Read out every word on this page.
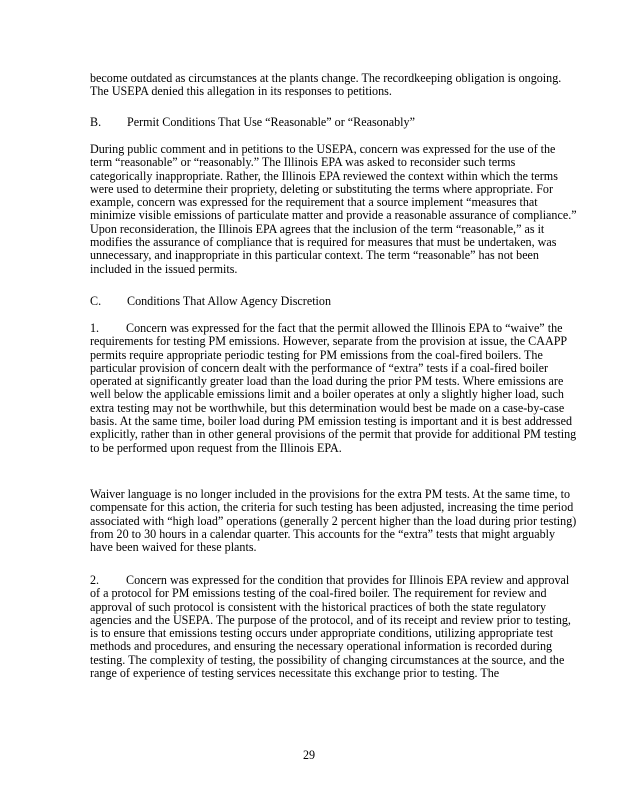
become outdated as circumstances at the plants change. The recordkeeping obligation is ongoing. The USEPA denied this allegation in its responses to petitions.

B. Permit Conditions That Use “Reasonable” or “Reasonably”

During public comment and in petitions to the USEPA, concern was expressed for the use of the term “reasonable” or “reasonably.” The Illinois EPA was asked to reconsider such terms categorically inappropriate. Rather, the Illinois EPA reviewed the context within which the terms were used to determine their propriety, deleting or substituting the terms where appropriate. For example, concern was expressed for the requirement that a source implement “measures that minimize visible emissions of particulate matter and provide a reasonable assurance of compliance.” Upon reconsideration, the Illinois EPA agrees that the inclusion of the term “reasonable,” as it modifies the assurance of compliance that is required for measures that must be undertaken, was unnecessary, and inappropriate in this particular context. The term “reasonable” has not been included in the issued permits.

C. Conditions That Allow Agency Discretion

1. Concern was expressed for the fact that the permit allowed the Illinois EPA to “waive” the requirements for testing PM emissions. However, separate from the provision at issue, the CAAPP permits require appropriate periodic testing for PM emissions from the coal-fired boilers. The particular provision of concern dealt with the performance of “extra” tests if a coal-fired boiler operated at significantly greater load than the load during the prior PM tests. Where emissions are well below the applicable emissions limit and a boiler operates at only a slightly higher load, such extra testing may not be worthwhile, but this determination would best be made on a case-by-case basis. At the same time, boiler load during PM emission testing is important and it is best addressed explicitly, rather than in other general provisions of the permit that provide for additional PM testing to be performed upon request from the Illinois EPA.

Waiver language is no longer included in the provisions for the extra PM tests. At the same time, to compensate for this action, the criteria for such testing has been adjusted, increasing the time period associated with “high load” operations (generally 2 percent higher than the load during prior testing) from 20 to 30 hours in a calendar quarter. This accounts for the “extra” tests that might arguably have been waived for these plants.

2. Concern was expressed for the condition that provides for Illinois EPA review and approval of a protocol for PM emissions testing of the coal-fired boiler. The requirement for review and approval of such protocol is consistent with the historical practices of both the state regulatory agencies and the USEPA. The purpose of the protocol, and of its receipt and review prior to testing, is to ensure that emissions testing occurs under appropriate conditions, utilizing appropriate test methods and procedures, and ensuring the necessary operational information is recorded during testing. The complexity of testing, the possibility of changing circumstances at the source, and the range of experience of testing services necessitate this exchange prior to testing. The

29
